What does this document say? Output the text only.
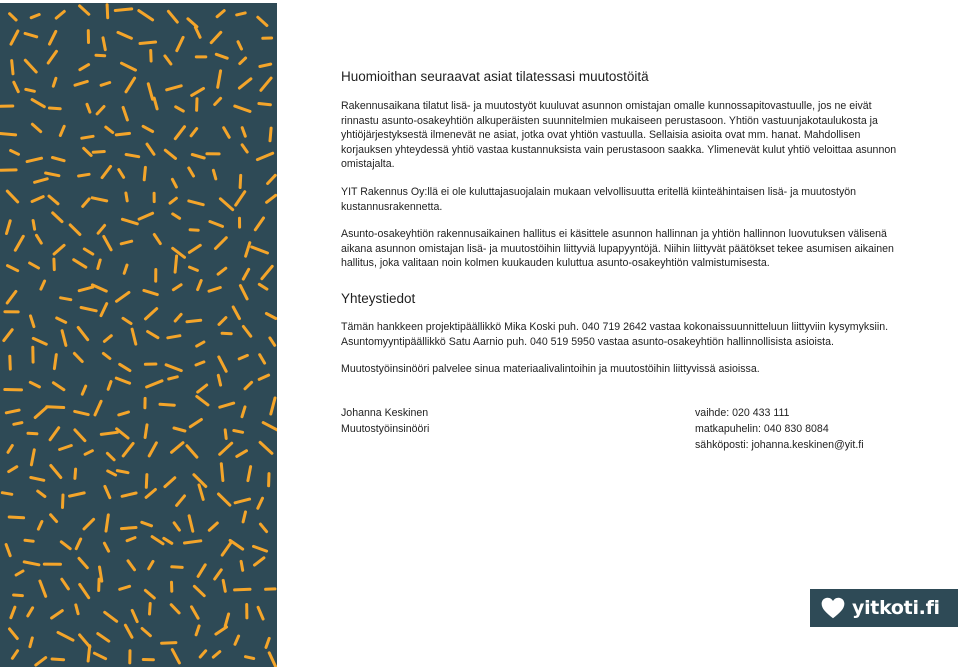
Huomioithan seuraavat asiat tilatessasi muutostöitä

Rakennusaikana tilatut lisä- ja muutostyöt kuuluvat asunnon omistajan omalle kunnossapitovastuulle, jos ne eivät rinnastu asunto-osakeyhtiön alkuperäisten suunnitelmien mukaiseen perustasoon. Yhtiön vastuunjakotaulukosta ja yhtiöjärjestyksestä ilmenevät ne asiat, jotka ovat yhtiön vastuulla. Sellaisia asioita ovat mm. hanat. Mahdollisen korjauksen yhteydessä yhtiö vastaa kustannuksista vain perustasoon saakka. Ylimenevät kulut yhtiö veloittaa asunnon omistajalta.

YIT Rakennus Oy:llä ei ole kuluttajasuojalain mukaan velvollisuutta eritellä kiinteähintaisen lisä- ja muutostyön kustannusrakennetta.

Asunto-osakeyhtiön rakennusaikainen hallitus ei käsittele asunnon hallinnan ja yhtiön hallinnon luovutuksen välisenä aikana asunnon omistajan lisä- ja muutostöihin liittyviä lupapyyntöjä. Niihin liittyvät päätökset tekee asumisen aikainen hallitus, joka valitaan noin kolmen kuukauden kuluttua asunto-osakeyhtiön valmistumisesta.

Yhteystiedot

Tämän hankkeen projektipäällikkö Mika Koski puh. 040 719 2642 vastaa kokonaissuunnitteluun liittyviin kysymyksiin. Asuntomyyntipäällikkö Satu Aarnio puh. 040 519 5950 vastaa asunto-osakeyhtiön hallinnollisista asioista.

Muutostyöinsinööri palvelee sinua materiaalivalintoihin ja muutostöihin liittyvissä asioissa.

Johanna Keskinen
Muutostyöinsinööri
vaihde: 020 433 111
matkapuhelin: 040 830 8084
sähköposti: johanna.keskinen@yit.fi
yitkoti.fi
